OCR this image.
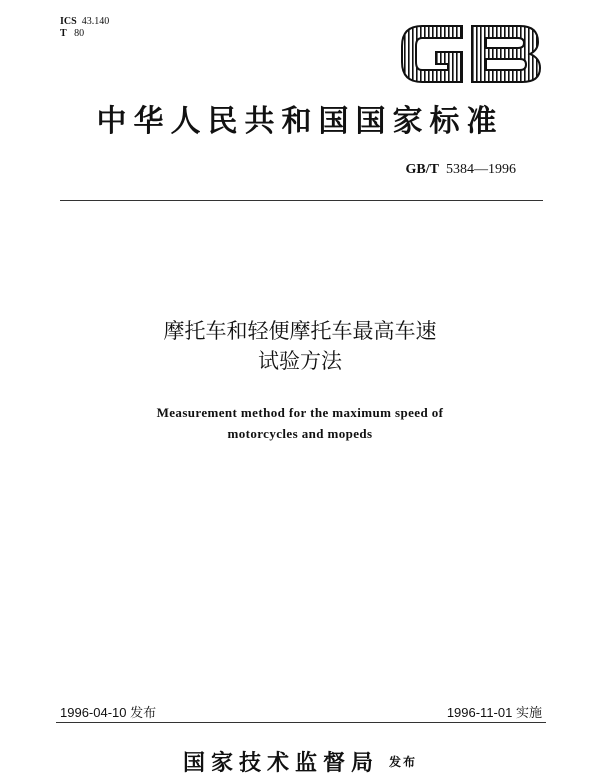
ICS 43.140
T 80
中华人民共和国国家标准
GB/T 5384—1996
摩托车和轻便摩托车最高车速
试验方法
Measurement method for the maximum speed of
motorcycles and mopeds
1996-04-10 发布	1996-11-01 实施
国家技术监督局 发布
